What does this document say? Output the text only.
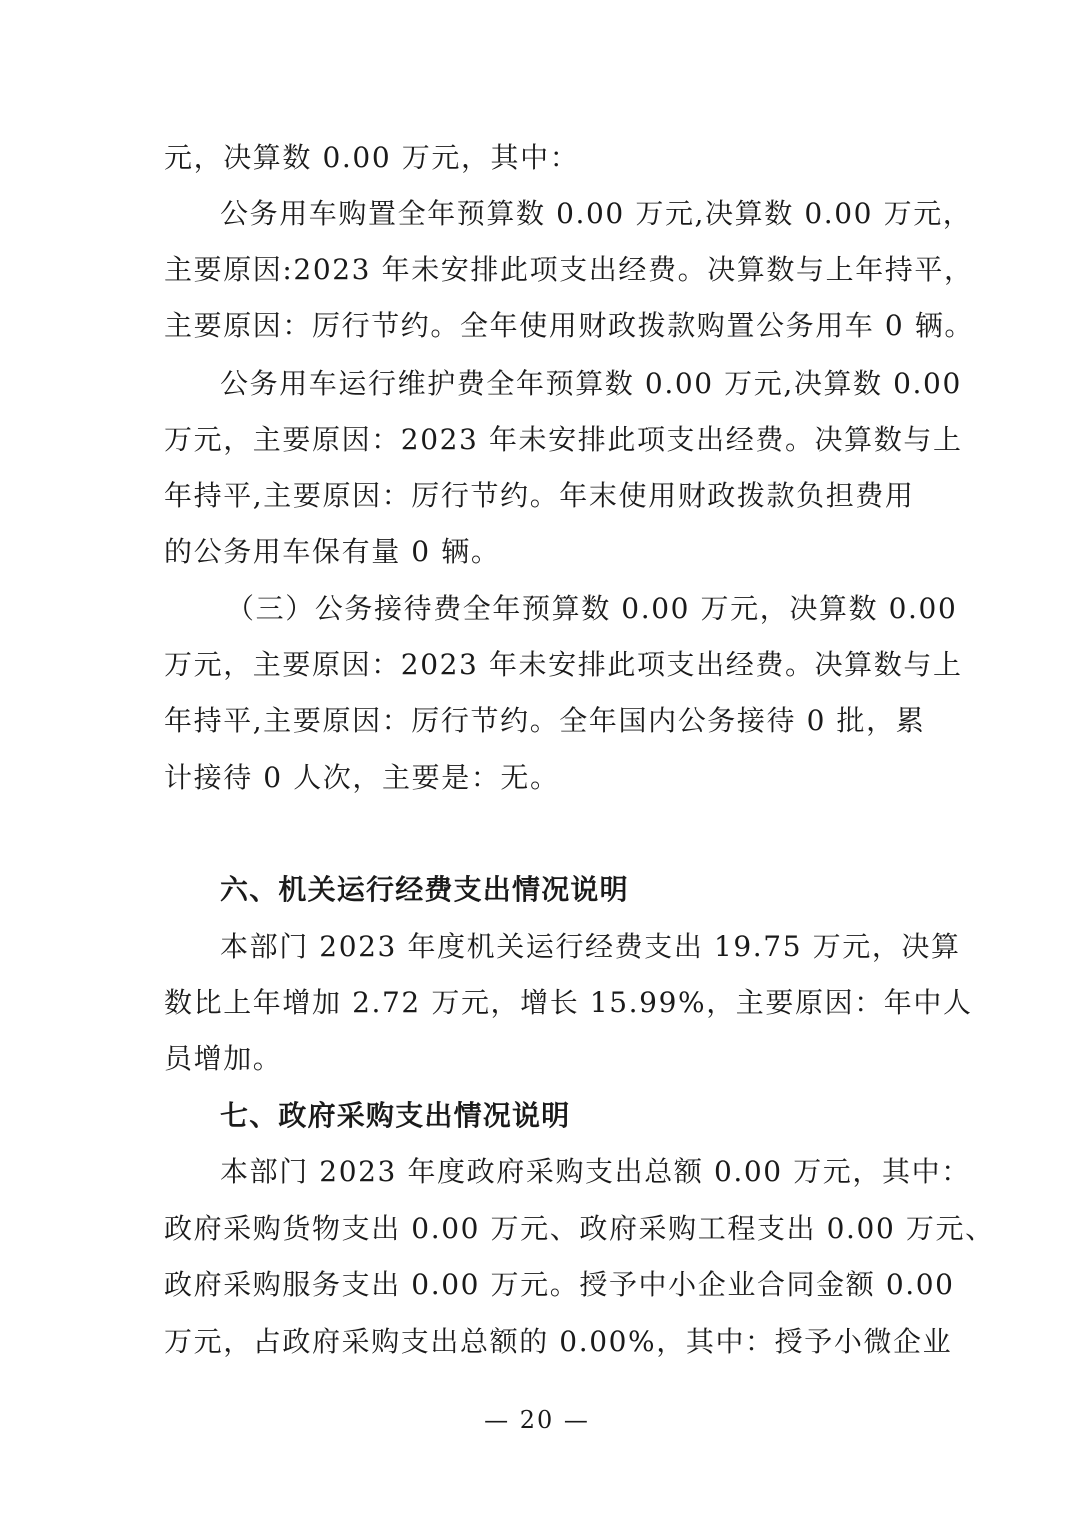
元，决算数 0.00 万元，其中：
公务用车购置全年预算数 0.00 万元,决算数 0.00 万元，
主要原因:2023 年未安排此项支出经费。决算数与上年持平，
主要原因：厉行节约。全年使用财政拨款购置公务用车 0 辆。
公务用车运行维护费全年预算数 0.00 万元,决算数 0.00
万元，主要原因：2023 年未安排此项支出经费。决算数与上
年持平,主要原因：厉行节约。年末使用财政拨款负担费用
的公务用车保有量 0 辆。
（三）公务接待费全年预算数 0.00 万元，决算数 0.00
万元，主要原因：2023 年未安排此项支出经费。决算数与上
年持平,主要原因：厉行节约。全年国内公务接待 0 批，累
计接待 0 人次，主要是：无。
六、机关运行经费支出情况说明
本部门 2023 年度机关运行经费支出 19.75 万元，决算
数比上年增加 2.72 万元，增长 15.99%，主要原因：年中人
员增加。
七、政府采购支出情况说明
本部门 2023 年度政府采购支出总额 0.00 万元，其中：
政府采购货物支出 0.00 万元、政府采购工程支出 0.00 万元、
政府采购服务支出 0.00 万元。授予中小企业合同金额 0.00
万元，占政府采购支出总额的 0.00%，其中：授予小微企业
— 20 —
